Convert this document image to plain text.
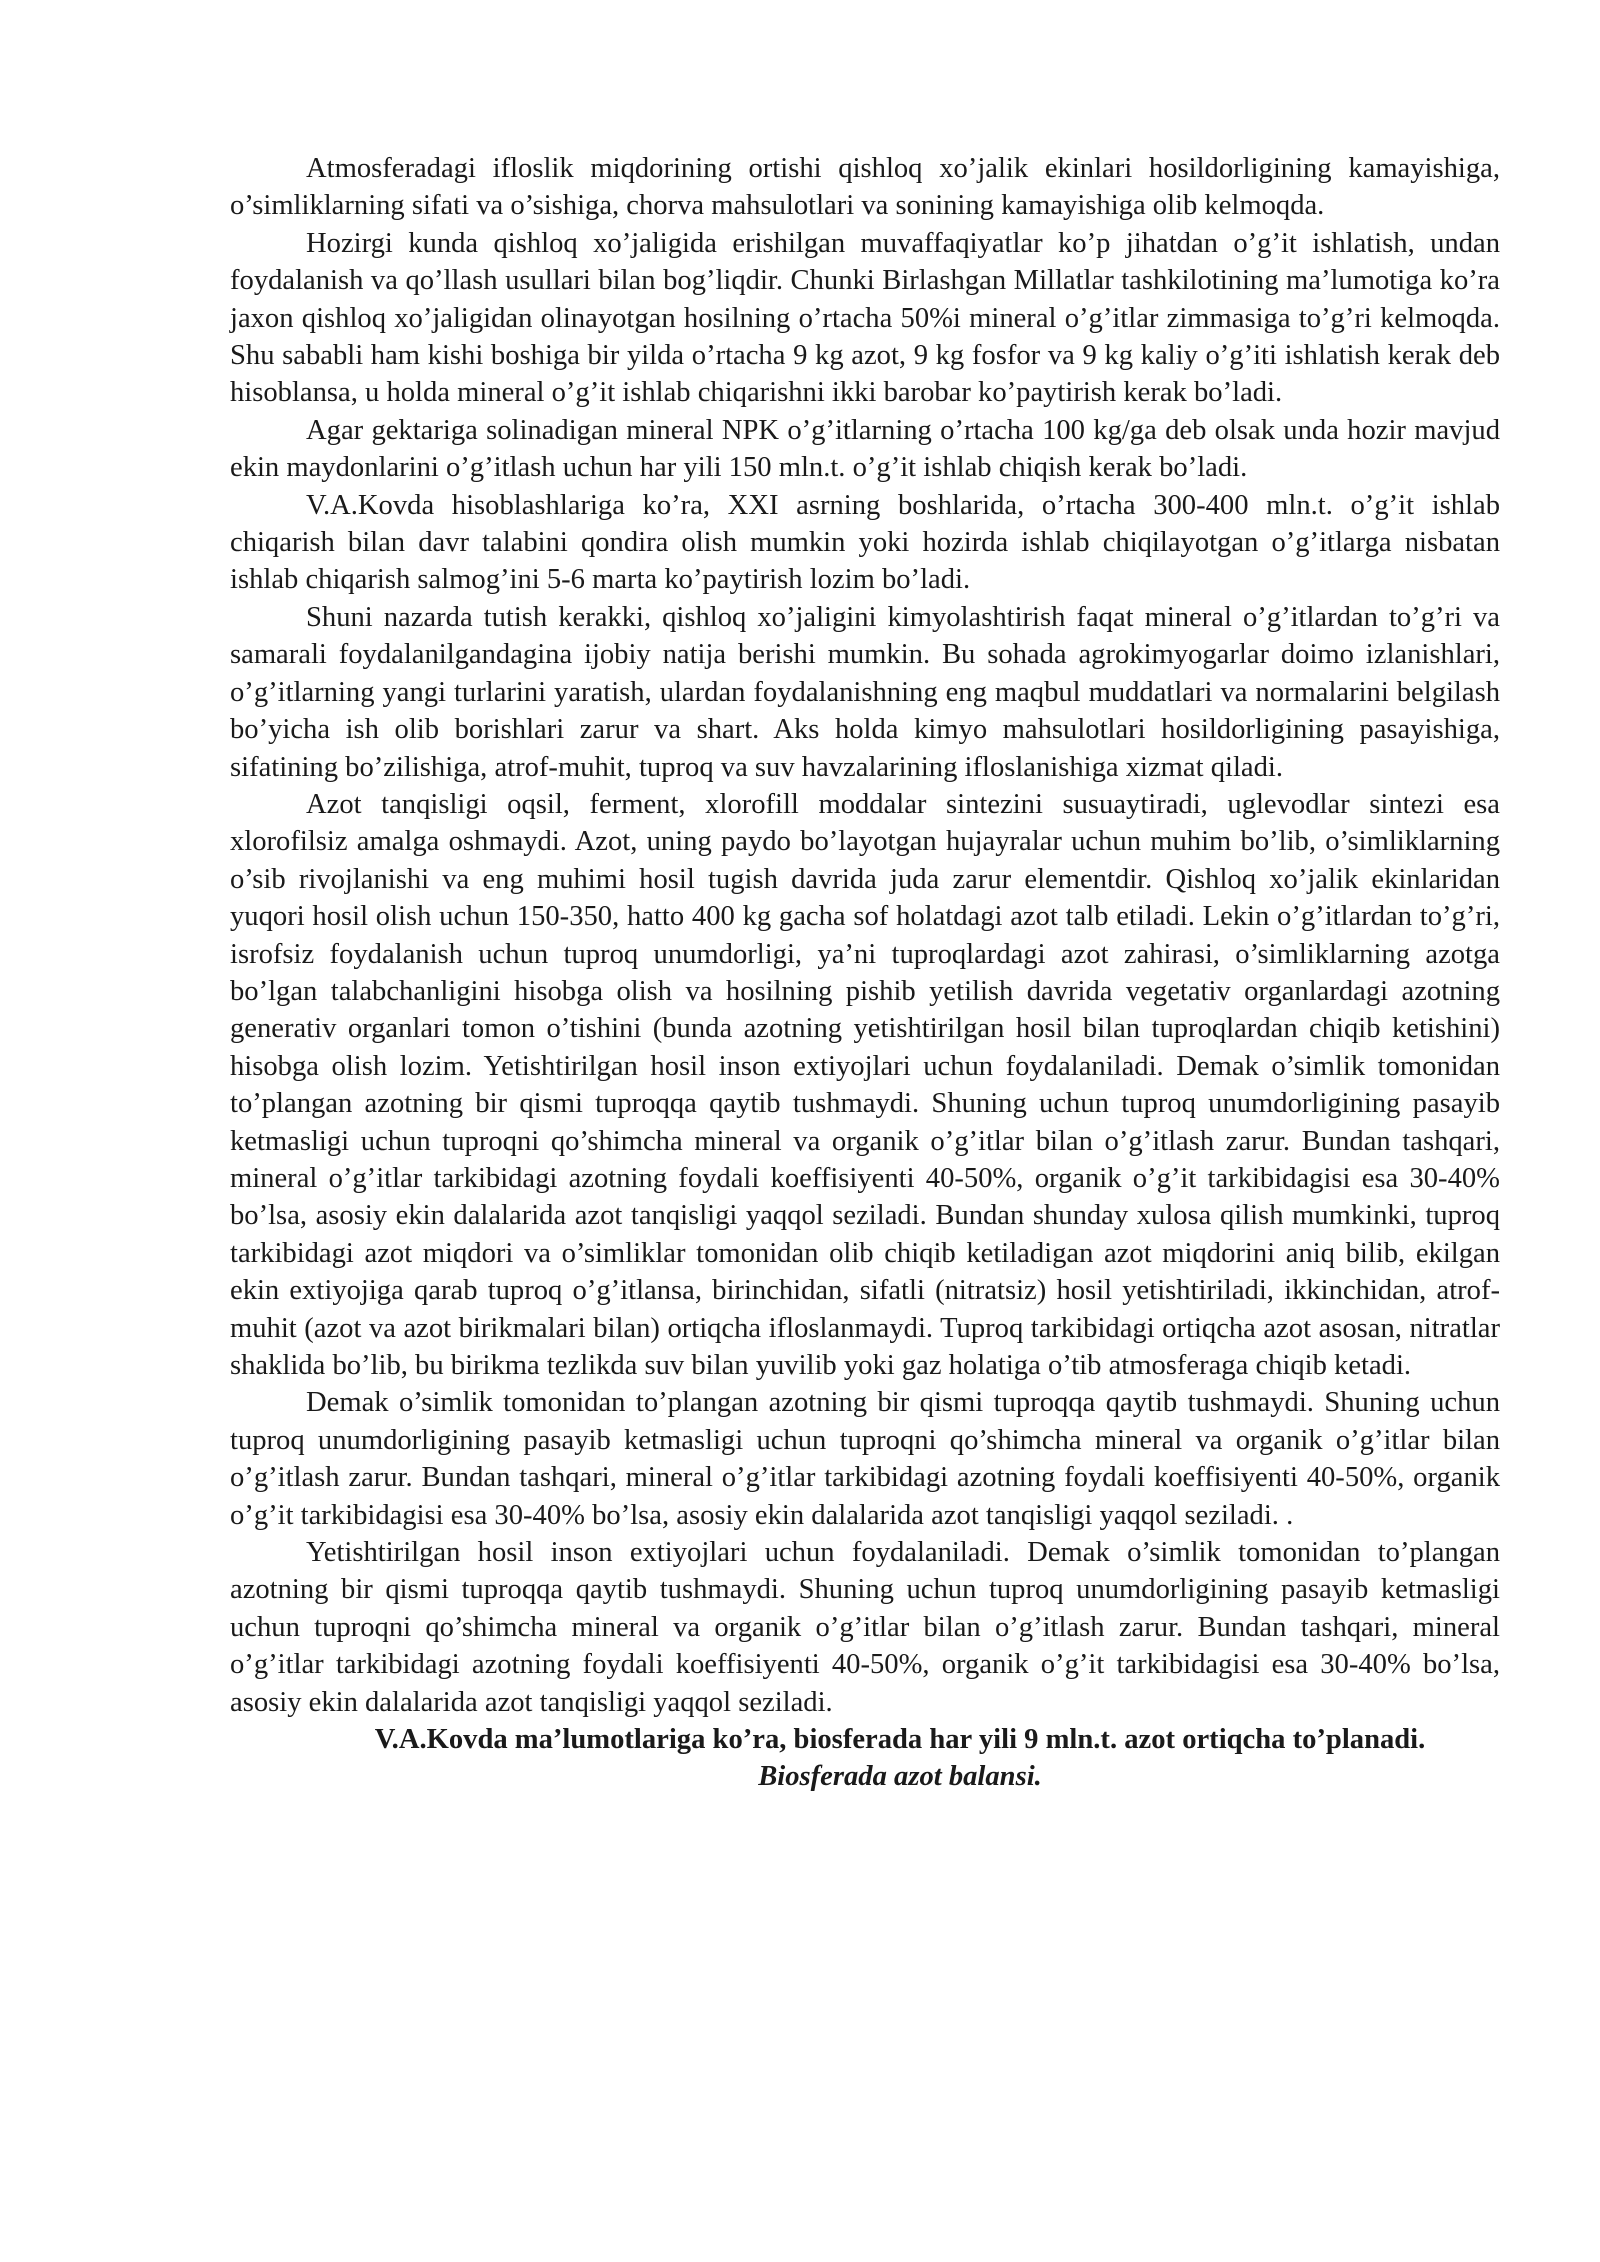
Atmosferadagi ifloslik miqdorining ortishi qishloq xo’jalik ekinlari hosildorligining kamayishiga, o’simliklarning sifati va o’sishiga, chorva mahsulotlari va sonining kamayishiga olib kelmoqda.

Hozirgi kunda qishloq xo’jaligida erishilgan muvaffaqiyatlar ko’p jihatdan o’g’it ishlatish, undan foydalanish va qo’llash usullari bilan bog’liqdir. Chunki Birlashgan Millatlar tashkilotining ma’lumotiga ko’ra jaxon qishloq xo’jaligidan olinayotgan hosilning o’rtacha 50%i mineral o’g’itlar zimmasiga to’g’ri kelmoqda. Shu sababli ham kishi boshiga bir yilda o’rtacha 9 kg azot, 9 kg fosfor va 9 kg kaliy o’g’iti ishlatish kerak deb hisoblansa, u holda mineral o’g’it ishlab chiqarishni ikki barobar ko’paytirish kerak bo’ladi.

Agar gektariga solinadigan mineral NPK o’g’itlarning o’rtacha 100 kg/ga deb olsak unda hozir mavjud ekin maydonlarini o’g’itlash uchun har yili 150 mln.t. o’g’it ishlab chiqish kerak bo’ladi.

V.A.Kovda hisoblashlariga ko’ra, XXI asrning boshlarida, o’rtacha 300-400 mln.t. o’g’it ishlab chiqarish bilan davr talabini qondira olish mumkin yoki hozirda ishlab chiqilayotgan o’g’itlarga nisbatan ishlab chiqarish salmog’ini 5-6 marta ko’paytirish lozim bo’ladi.

Shuni nazarda tutish kerakki, qishloq xo’jaligini kimyolashtirish faqat mineral o’g’itlardan to’g’ri va samarali foydalanilgandagina ijobiy natija berishi mumkin. Bu sohada agrokimyogarlar doimo izlanishlari, o’g’itlarning yangi turlarini yaratish, ulardan foydalanishning eng maqbul muddatlari va normalarini belgilash bo’yicha ish olib borishlari zarur va shart. Aks holda kimyo mahsulotlari hosildorligining pasayishiga, sifatining bo’zilishiga, atrof-muhit, tuproq va suv havzalarining ifloslanishiga xizmat qiladi.

Azot tanqisligi oqsil, ferment, xlorofill moddalar sintezini susuaytiradi, uglevodlar sintezi esa xlorofilsiz amalga oshmaydi. Azot, uning paydo bo’layotgan hujayralar uchun muhim bo’lib, o’simliklarning o’sib rivojlanishi va eng muhimi hosil tugish davrida juda zarur elementdir. Qishloq xo’jalik ekinlaridan yuqori hosil olish uchun 150-350, hatto 400 kg gacha sof holatdagi azot talb etiladi. Lekin o’g’itlardan to’g’ri, isrofsiz foydalanish uchun tuproq unumdorligi, ya’ni tuproqlardagi azot zahirasi, o’simliklarning azotga bo’lgan talabchanligini hisobga olish va hosilning pishib yetilish davrida vegetativ organlardagi azotning generativ organlari tomon o’tishini (bunda azotning yetishtirilgan hosil bilan tuproqlardan chiqib ketishini) hisobga olish lozim. Yetishtirilgan hosil inson extiyojlari uchun foydalaniladi. Demak o’simlik tomonidan to’plangan azotning bir qismi tuproqqa qaytib tushmaydi. Shuning uchun tuproq unumdorligining pasayib ketmasligi uchun tuproqni qo’shimcha mineral va organik o’g’itlar bilan o’g’itlash zarur. Bundan tashqari, mineral o’g’itlar tarkibidagi azotning foydali koeffisiyenti 40-50%, organik o’g’it tarkibidagisi esa 30-40% bo’lsa, asosiy ekin dalalarida azot tanqisligi yaqqol seziladi. Bundan shunday xulosa qilish mumkinki, tuproq tarkibidagi azot miqdori va o’simliklar tomonidan olib chiqib ketiladigan azot miqdorini aniq bilib, ekilgan ekin extiyojiga qarab tuproq o’g’itlansa, birinchidan, sifatli (nitratsiz) hosil yetishtiriladi, ikkinchidan, atrof-muhit (azot va azot birikmalari bilan) ortiqcha ifloslanmaydi. Tuproq tarkibidagi ortiqcha azot asosan, nitratlar shaklida bo’lib, bu birikma tezlikda suv bilan yuvilib yoki gaz holatiga o’tib atmosferaga chiqib ketadi.

Demak o’simlik tomonidan to’plangan azotning bir qismi tuproqqa qaytib tushmaydi. Shuning uchun tuproq unumdorligining pasayib ketmasligi uchun tuproqni qo’shimcha mineral va organik o’g’itlar bilan o’g’itlash zarur. Bundan tashqari, mineral o’g’itlar tarkibidagi azotning foydali koeffisiyenti 40-50%, organik o’g’it tarkibidagisi esa 30-40% bo’lsa, asosiy ekin dalalarida azot tanqisligi yaqqol seziladi. .

Yetishtirilgan hosil inson extiyojlari uchun foydalaniladi. Demak o’simlik tomonidan to’plangan azotning bir qismi tuproqqa qaytib tushmaydi. Shuning uchun tuproq unumdorligining pasayib ketmasligi uchun tuproqni qo’shimcha mineral va organik o’g’itlar bilan o’g’itlash zarur. Bundan tashqari, mineral o’g’itlar tarkibidagi azotning foydali koeffisiyenti 40-50%, organik o’g’it tarkibidagisi esa 30-40% bo’lsa, asosiy ekin dalalarida azot tanqisligi yaqqol seziladi.

V.A.Kovda ma’lumotlariga ko’ra, biosferada har yili 9 mln.t. azot ortiqcha to’planadi. Biosferada azot balansi.
